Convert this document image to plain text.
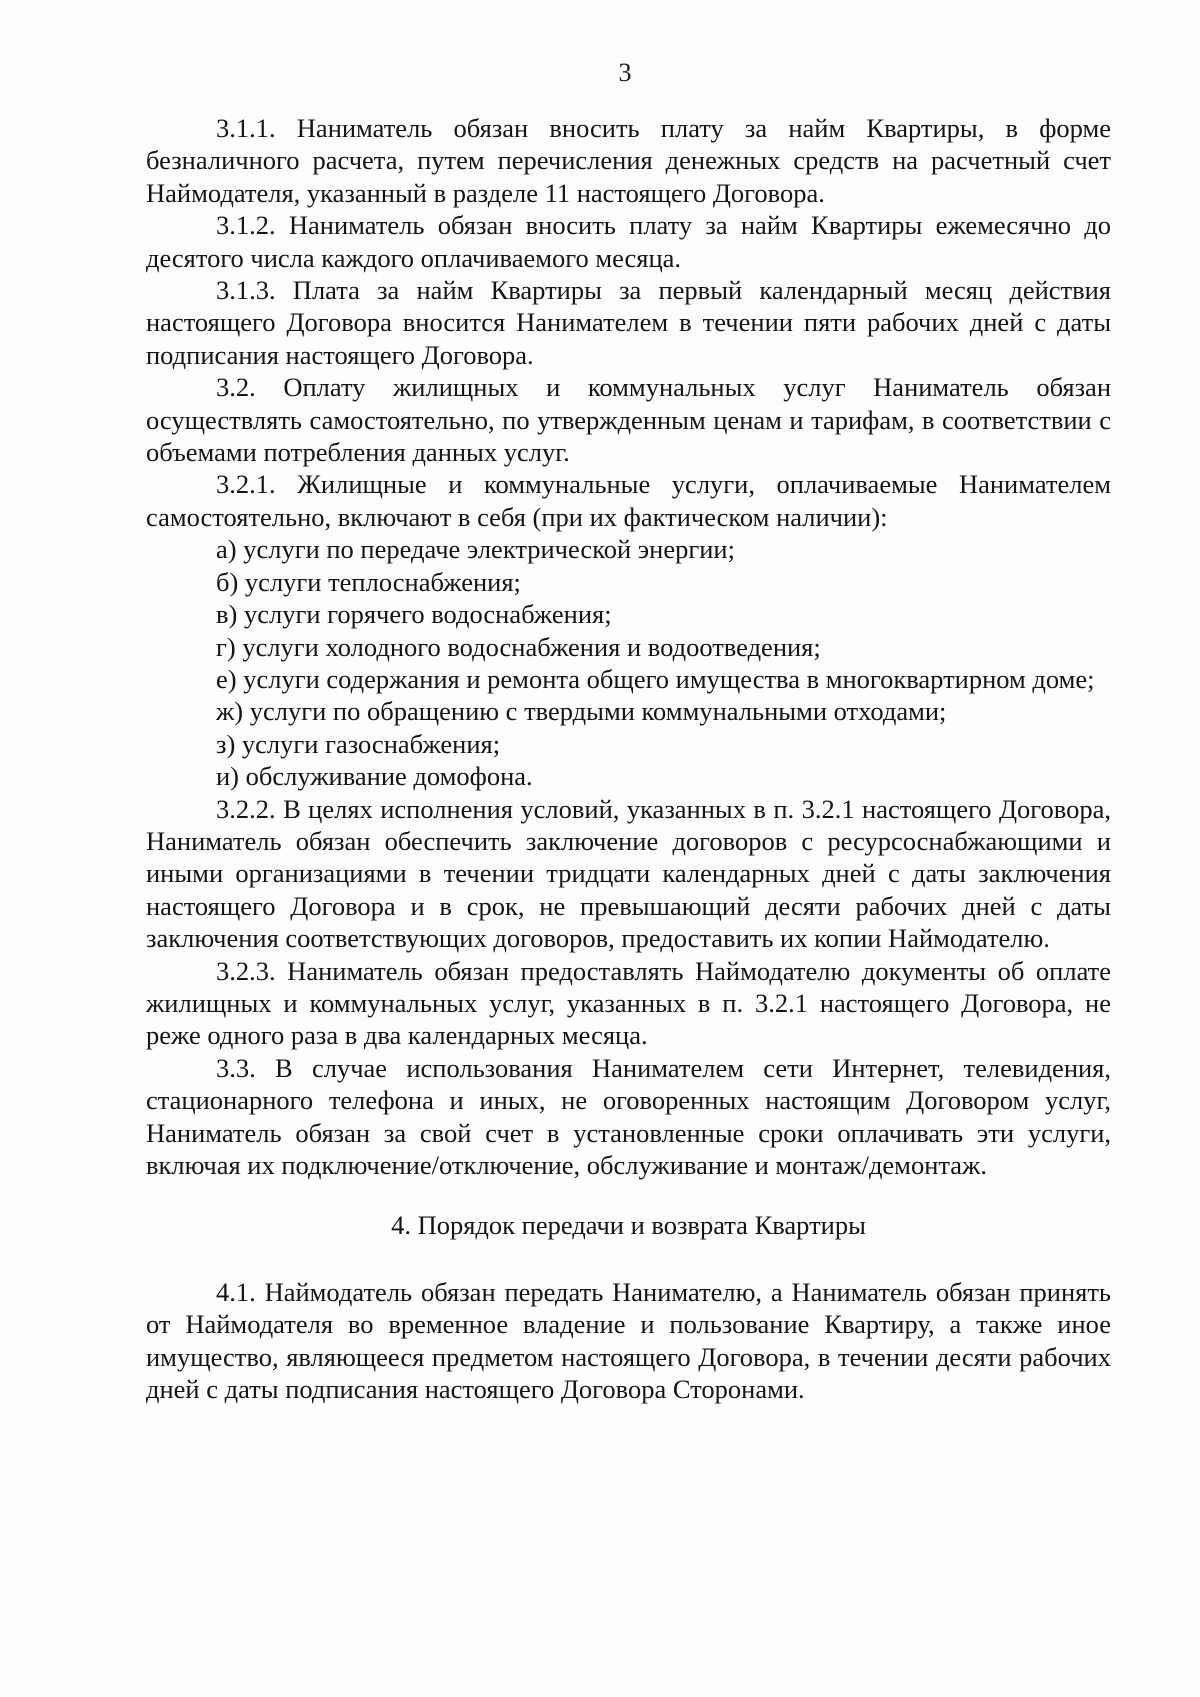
3

3.1.1. Наниматель обязан вносить плату за найм Квартиры, в форме безналичного расчета, путем перечисления денежных средств на расчетный счет Наймодателя, указанный в разделе 11 настоящего Договора.

3.1.2. Наниматель обязан вносить плату за найм Квартиры ежемесячно до десятого числа каждого оплачиваемого месяца.

3.1.3. Плата за найм Квартиры за первый календарный месяц действия настоящего Договора вносится Нанимателем в течении пяти рабочих дней с даты подписания настоящего Договора.

3.2. Оплату жилищных и коммунальных услуг Наниматель обязан осуществлять самостоятельно, по утвержденным ценам и тарифам, в соответствии с объемами потребления данных услуг.

3.2.1. Жилищные и коммунальные услуги, оплачиваемые Нанимателем самостоятельно, включают в себя (при их фактическом наличии):

а) услуги по передаче электрической энергии;

б) услуги теплоснабжения;

в) услуги горячего водоснабжения;

г) услуги холодного водоснабжения и водоотведения;

е) услуги содержания и ремонта общего имущества в многоквартирном доме;

ж) услуги по обращению с твердыми коммунальными отходами;

з) услуги газоснабжения;

и) обслуживание домофона.

3.2.2. В целях исполнения условий, указанных в п. 3.2.1 настоящего Договора, Наниматель обязан обеспечить заключение договоров с ресурсоснабжающими и иными организациями в течении тридцати календарных дней с даты заключения настоящего Договора и в срок, не превышающий десяти рабочих дней с даты заключения соответствующих договоров, предоставить их копии Наймодателю.

3.2.3. Наниматель обязан предоставлять Наймодателю документы об оплате жилищных и коммунальных услуг, указанных в п. 3.2.1 настоящего Договора, не реже одного раза в два календарных месяца.

3.3. В случае использования Нанимателем сети Интернет, телевидения, стационарного телефона и иных, не оговоренных настоящим Договором услуг, Наниматель обязан за свой счет в установленные сроки оплачивать эти услуги, включая их подключение/отключение, обслуживание и монтаж/демонтаж.

4. Порядок передачи и возврата Квартиры

4.1. Наймодатель обязан передать Нанимателю, а Наниматель обязан принять от Наймодателя во временное владение и пользование Квартиру, а также иное имущество, являющееся предметом настоящего Договора, в течении десяти рабочих дней с даты подписания настоящего Договора Сторонами.
